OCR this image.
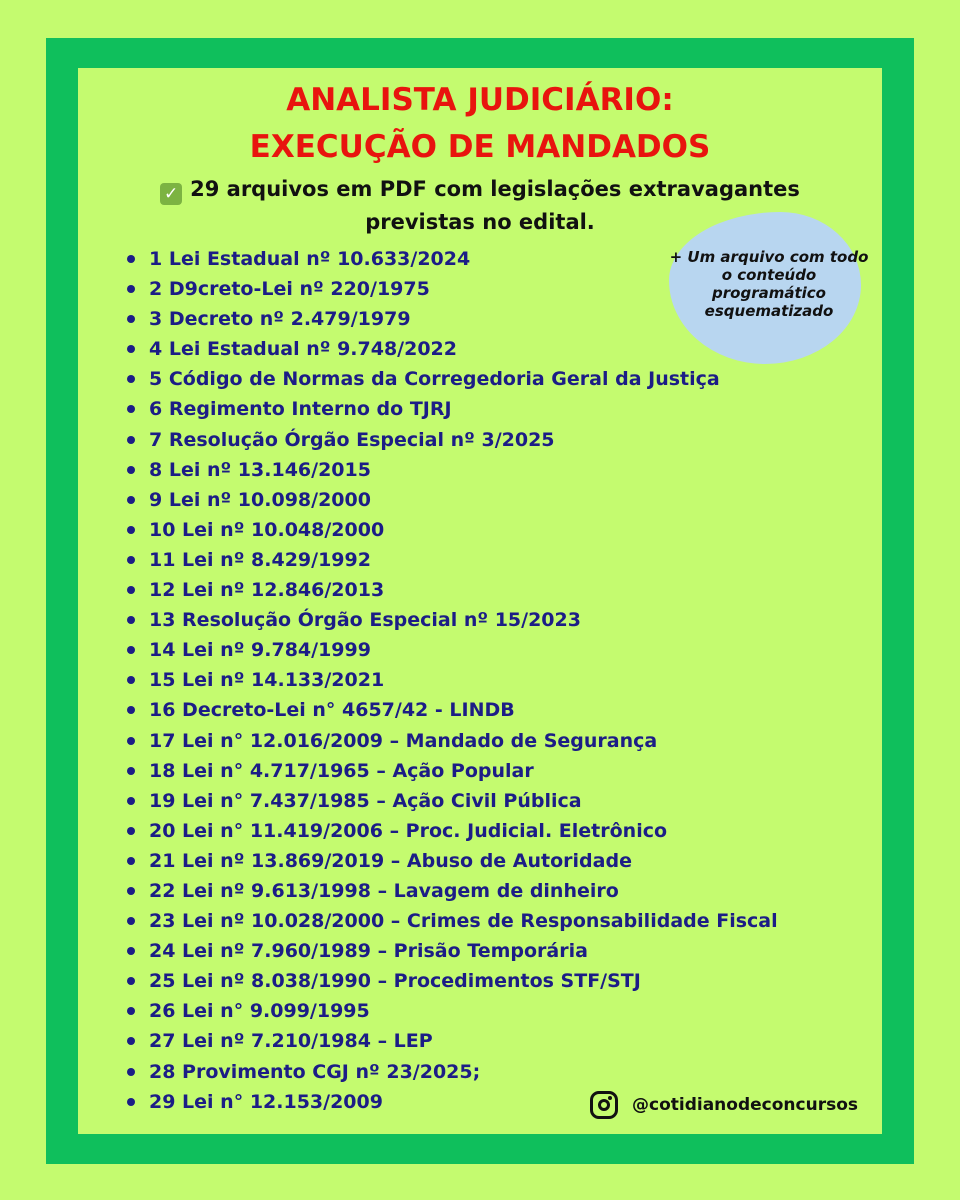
ANALISTA JUDICIÁRIO:
EXECUÇÃO DE MANDADOS
✓ 29 arquivos em PDF com legislações extravagantes
previstas no edital.
+ Um arquivo com todo o conteúdo programático esquematizado
1 Lei Estadual nº 10.633/2024
2 D9creto-Lei nº 220/1975
3 Decreto nº 2.479/1979
4 Lei Estadual nº 9.748/2022
5 Código de Normas da Corregedoria Geral da Justiça
6 Regimento Interno do TJRJ
7 Resolução Órgão Especial nº 3/2025
8 Lei nº 13.146/2015
9 Lei nº 10.098/2000
10 Lei nº 10.048/2000
11 Lei nº 8.429/1992
12 Lei nº 12.846/2013
13 Resolução Órgão Especial nº 15/2023
14 Lei nº 9.784/1999
15 Lei nº 14.133/2021
16 Decreto-Lei n° 4657/42 - LINDB
17 Lei n° 12.016/2009 – Mandado de Segurança
18 Lei n° 4.717/1965 – Ação Popular
19 Lei n° 7.437/1985 – Ação Civil Pública
20 Lei n° 11.419/2006 – Proc. Judicial. Eletrônico
21 Lei nº 13.869/2019 – Abuso de Autoridade
22 Lei nº 9.613/1998 – Lavagem de dinheiro
23 Lei nº 10.028/2000 – Crimes de Responsabilidade Fiscal
24 Lei nº 7.960/1989 – Prisão Temporária
25 Lei nº 8.038/1990 – Procedimentos STF/STJ
26 Lei n° 9.099/1995
27 Lei nº 7.210/1984 – LEP
28 Provimento CGJ nº 23/2025;
29 Lei n° 12.153/2009	@cotidianodeconcursos
